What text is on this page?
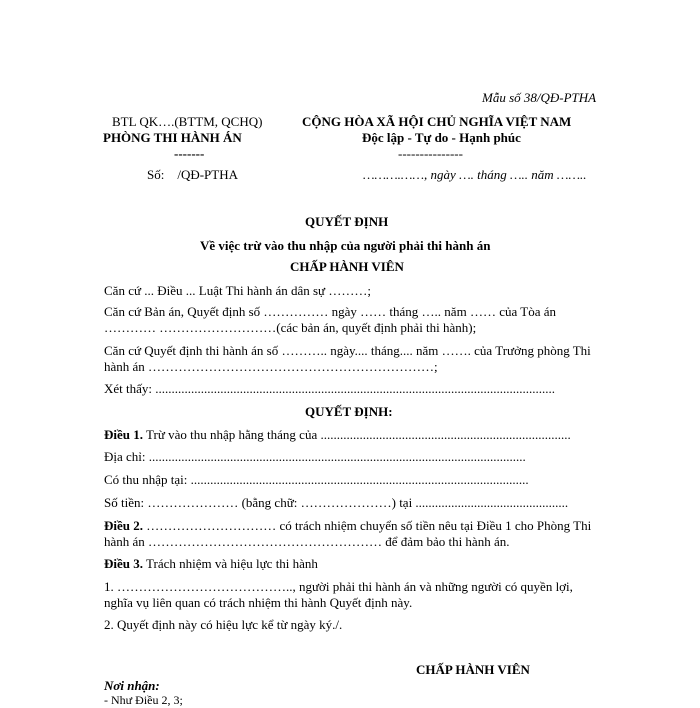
Mẫu số 38/QĐ-PTHA
BTL QK….(BTTM, QCHQ)
PHÒNG THI HÀNH ÁN
-------
Số:    /QĐ-PTHA
CỘNG HÒA XÃ HỘI CHỦ NGHĨA VIỆT NAM
Độc lập - Tự do - Hạnh phúc
---------------
……….……, ngày …. tháng ….. năm ……..
QUYẾT ĐỊNH
Về việc trừ vào thu nhập của người phải thi hành án
CHẤP HÀNH VIÊN
Căn cứ ... Điều ... Luật Thi hành án dân sự ………;
Căn cứ Bản án, Quyết định số …………… ngày …… tháng ….. năm …… của Tòa án ………… ………………………(các bản án, quyết định phải thi hành);
Căn cứ Quyết định thi hành án số ……….. ngày.... tháng.... năm ……. của Trưởng phòng Thi hành án …………………………………………………………;
Xét thấy: ...........................................................................................................................
QUYẾT ĐỊNH:
Điều 1. Trừ vào thu nhập hằng tháng của .............................................................................
Địa chỉ: ....................................................................................................................
Có thu nhập tại: ........................................................................................................
Số tiền: ………………… (bằng chữ: …………………) tại ...............................................
Điều 2. ………………………… có trách nhiệm chuyển số tiền nêu tại Điều 1 cho Phòng Thi hành án ……………………………………………… để đảm bảo thi hành án.
Điều 3. Trách nhiệm và hiệu lực thi hành
1. ………………………………….., người phải thi hành án và những người có quyền lợi, nghĩa vụ liên quan có trách nhiệm thi hành Quyết định này.
2. Quyết định này có hiệu lực kể từ ngày ký./.
CHẤP HÀNH VIÊN
Nơi nhận:
- Như Điều 2, 3;
